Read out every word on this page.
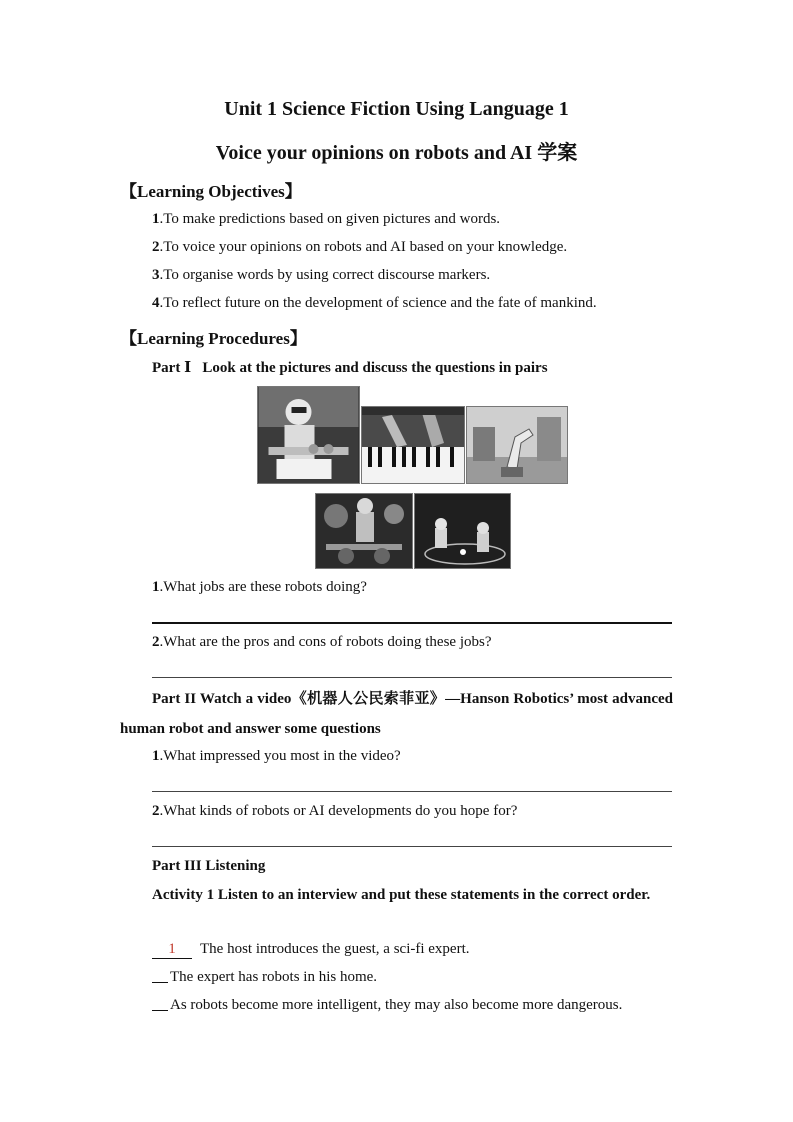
Unit 1 Science Fiction Using Language 1
Voice your opinions on robots and AI 学案
【Learning Objectives】
1.To make predictions based on given pictures and words.
2.To voice your opinions on robots and AI based on your knowledge.
3.To organise words by using correct discourse markers.
4.To reflect future on the development of science and the fate of mankind.
【Learning Procedures】
Part Ⅰ Look at the pictures and discuss the questions in pairs
1.What jobs are these robots doing?
2.What are the pros and cons of robots doing these jobs?
Part II Watch a video《机器人公民索菲亚》—Hanson Robotics’ most advanced human robot and answer some questions
1.What impressed you most in the video?
2.What kinds of robots or AI developments do you hope for?
Part III Listening
Activity 1 Listen to an interview and put these statements in the correct order.
1 The host introduces the guest, a sci-fi expert.
The expert has robots in his home.
As robots become more intelligent, they may also become more dangerous.
